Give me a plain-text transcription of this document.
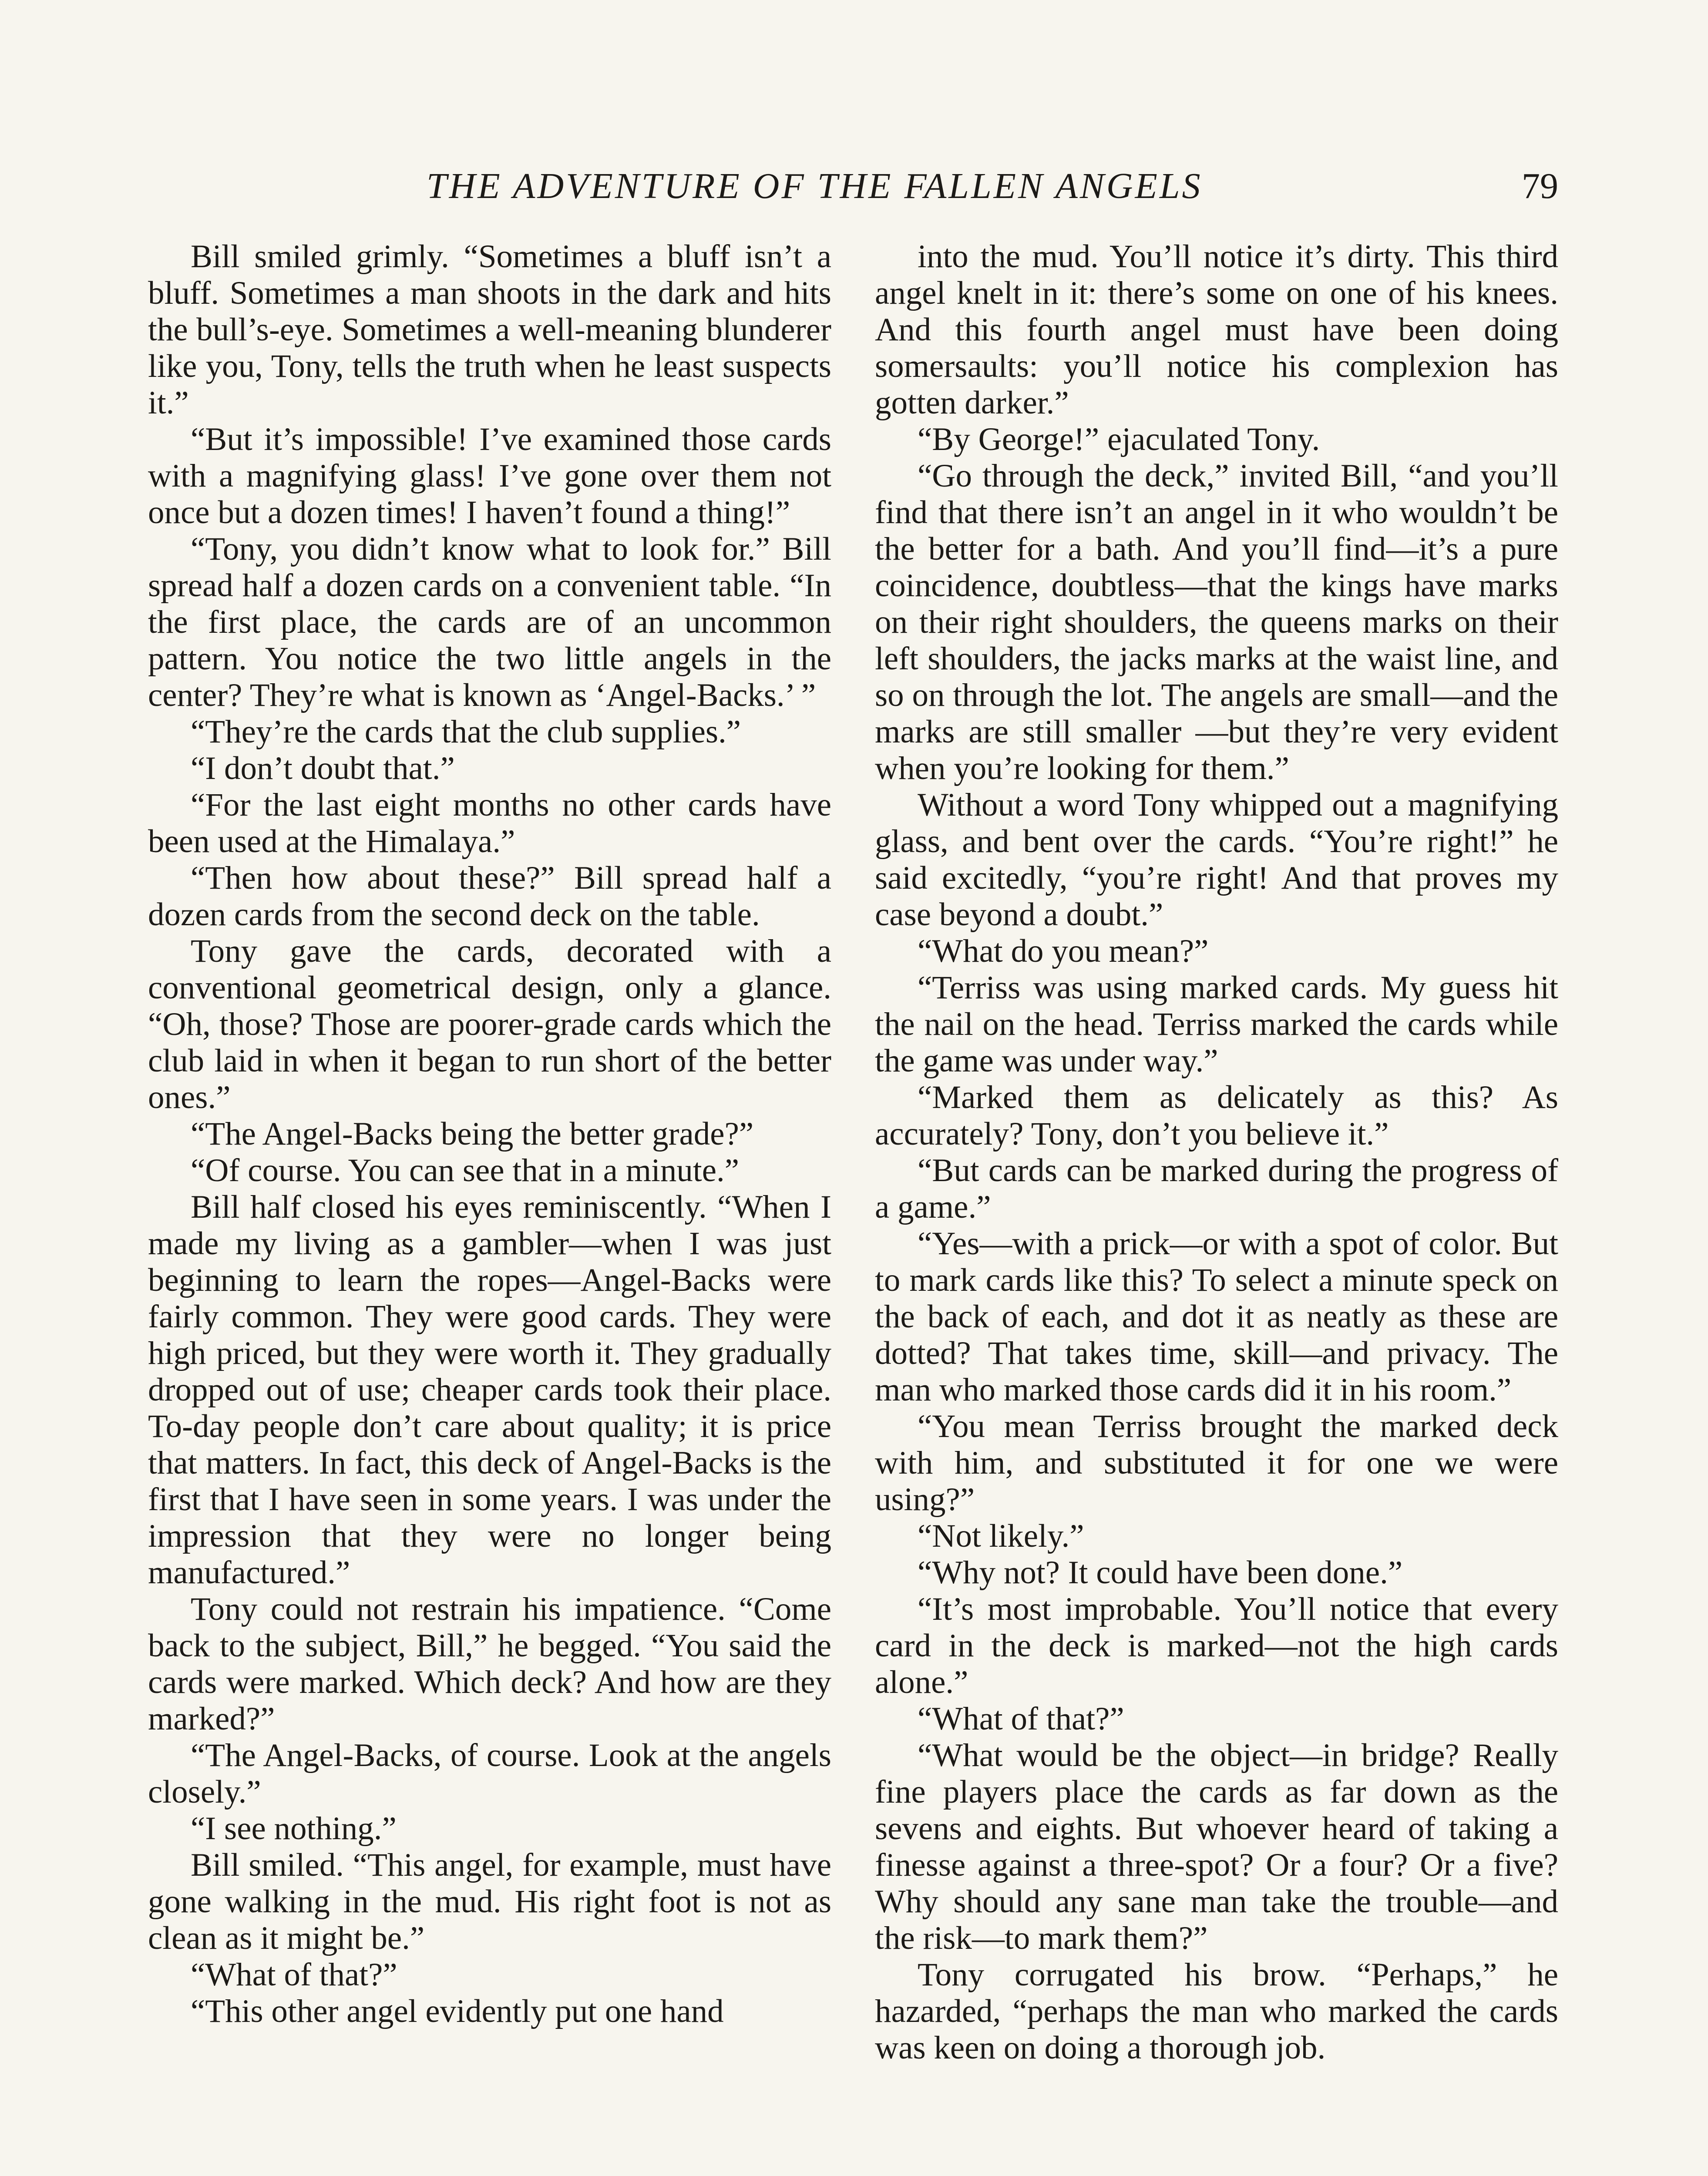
THE ADVENTURE OF THE FALLEN ANGELS	79

Bill smiled grimly. “Sometimes a bluff isn’t a bluff. Sometimes a man shoots in the dark and hits the bull’s-eye. Sometimes a well-meaning blunderer like you, Tony, tells the truth when he least suspects it.”

“But it’s impossible! I’ve examined those cards with a magnifying glass! I’ve gone over them not once but a dozen times! I haven’t found a thing!”

“Tony, you didn’t know what to look for.” Bill spread half a dozen cards on a convenient table. “In the first place, the cards are of an uncommon pattern. You notice the two little angels in the center? They’re what is known as ‘Angel-Backs.’ ”

“They’re the cards that the club supplies.”

“I don’t doubt that.”

“For the last eight months no other cards have been used at the Himalaya.”

“Then how about these?” Bill spread half a dozen cards from the second deck on the table.

Tony gave the cards, decorated with a conventional geometrical design, only a glance. “Oh, those? Those are poorer-grade cards which the club laid in when it began to run short of the better ones.”

“The Angel-Backs being the better grade?”

“Of course. You can see that in a minute.”

Bill half closed his eyes reminiscently. “When I made my living as a gambler—when I was just beginning to learn the ropes—Angel-Backs were fairly common. They were good cards. They were high priced, but they were worth it. They gradually dropped out of use; cheaper cards took their place. To-day people don’t care about quality; it is price that matters. In fact, this deck of Angel-Backs is the first that I have seen in some years. I was under the impression that they were no longer being manufactured.”

Tony could not restrain his impatience. “Come back to the subject, Bill,” he begged. “You said the cards were marked. Which deck? And how are they marked?”

“The Angel-Backs, of course. Look at the angels closely.”

“I see nothing.”

Bill smiled. “This angel, for example, must have gone walking in the mud. His right foot is not as clean as it might be.”

“What of that?”

“This other angel evidently put one hand

into the mud. You’ll notice it’s dirty. This third angel knelt in it: there’s some on one of his knees. And this fourth angel must have been doing somersaults: you’ll notice his complexion has gotten darker.”

“By George!” ejaculated Tony.

“Go through the deck,” invited Bill, “and you’ll find that there isn’t an angel in it who wouldn’t be the better for a bath. And you’ll find—it’s a pure coincidence, doubtless—that the kings have marks on their right shoulders, the queens marks on their left shoulders, the jacks marks at the waist line, and so on through the lot. The angels are small—and the marks are still smaller —but they’re very evident when you’re looking for them.”

Without a word Tony whipped out a magnifying glass, and bent over the cards. “You’re right!” he said excitedly, “you’re right! And that proves my case beyond a doubt.”

“What do you mean?”

“Terriss was using marked cards. My guess hit the nail on the head. Terriss marked the cards while the game was under way.”

“Marked them as delicately as this? As accurately? Tony, don’t you believe it.”

“But cards can be marked during the progress of a game.”

“Yes—with a prick—or with a spot of color. But to mark cards like this? To select a minute speck on the back of each, and dot it as neatly as these are dotted? That takes time, skill—and privacy. The man who marked those cards did it in his room.”

“You mean Terriss brought the marked deck with him, and substituted it for one we were using?”

“Not likely.”

“Why not? It could have been done.”

“It’s most improbable. You’ll notice that every card in the deck is marked—not the high cards alone.”

“What of that?”

“What would be the object—in bridge? Really fine players place the cards as far down as the sevens and eights. But whoever heard of taking a finesse against a three-spot? Or a four? Or a five? Why should any sane man take the trouble—and the risk—to mark them?”

Tony corrugated his brow. “Perhaps,” he hazarded, “perhaps the man who marked the cards was keen on doing a thorough job.
